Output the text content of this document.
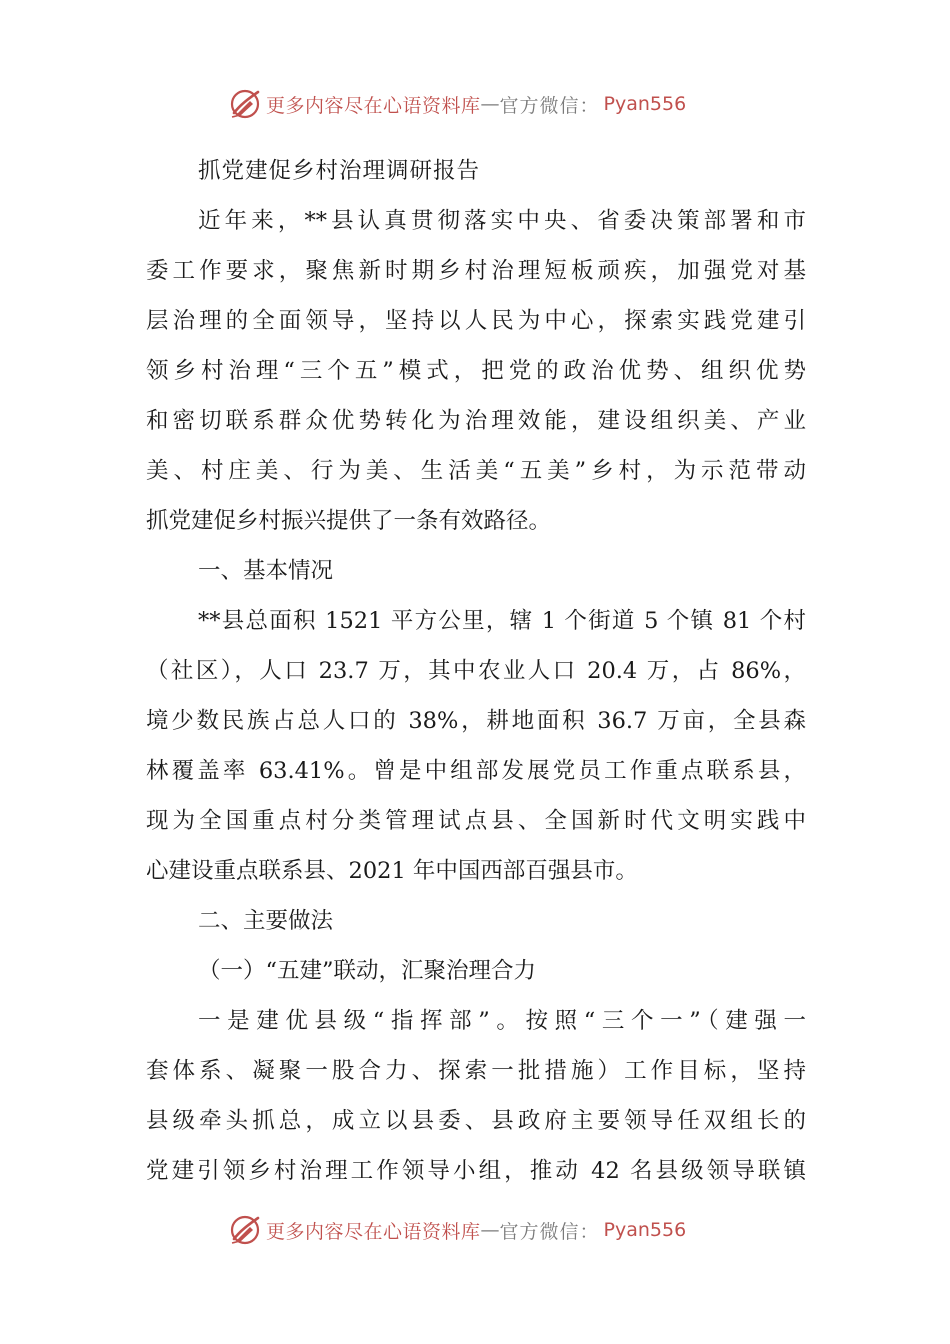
更多内容尽在心语资料库 — 官方微信： Pyan556
抓党建促乡村治理调研报告
近年来，**县认真贯彻落实中央、省委决策部署和市
委工作要求，聚焦新时期乡村治理短板顽疾，加强党对基
层治理的全面领导，坚持以人民为中心，探索实践党建引
领乡村治理“三个五”模式，把党的政治优势、组织优势
和密切联系群众优势转化为治理效能，建设组织美、产业
美、村庄美、行为美、生活美“五美”乡村，为示范带动
抓党建促乡村振兴提供了一条有效路径。
一、基本情况
**县总面积 1521 平方公里，辖 1 个街道 5 个镇 81 个村
（社区），人口 23.7 万，其中农业人口 20.4 万，占 86%，
境少数民族占总人口的 38%，耕地面积 36.7 万亩，全县森
林覆盖率 63.41%。曾是中组部发展党员工作重点联系县，
现为全国重点村分类管理试点县、全国新时代文明实践中
心建设重点联系县、2021 年中国西部百强县市。
二、主要做法
（一）“五建”联动，汇聚治理合力
一是建优县级“指挥部”。按照“三个一”（建强一
套体系、凝聚一股合力、探索一批措施）工作目标，坚持
县级牵头抓总，成立以县委、县政府主要领导任双组长的
党建引领乡村治理工作领导小组，推动 42 名县级领导联镇
更多内容尽在心语资料库 — 官方微信： Pyan556
